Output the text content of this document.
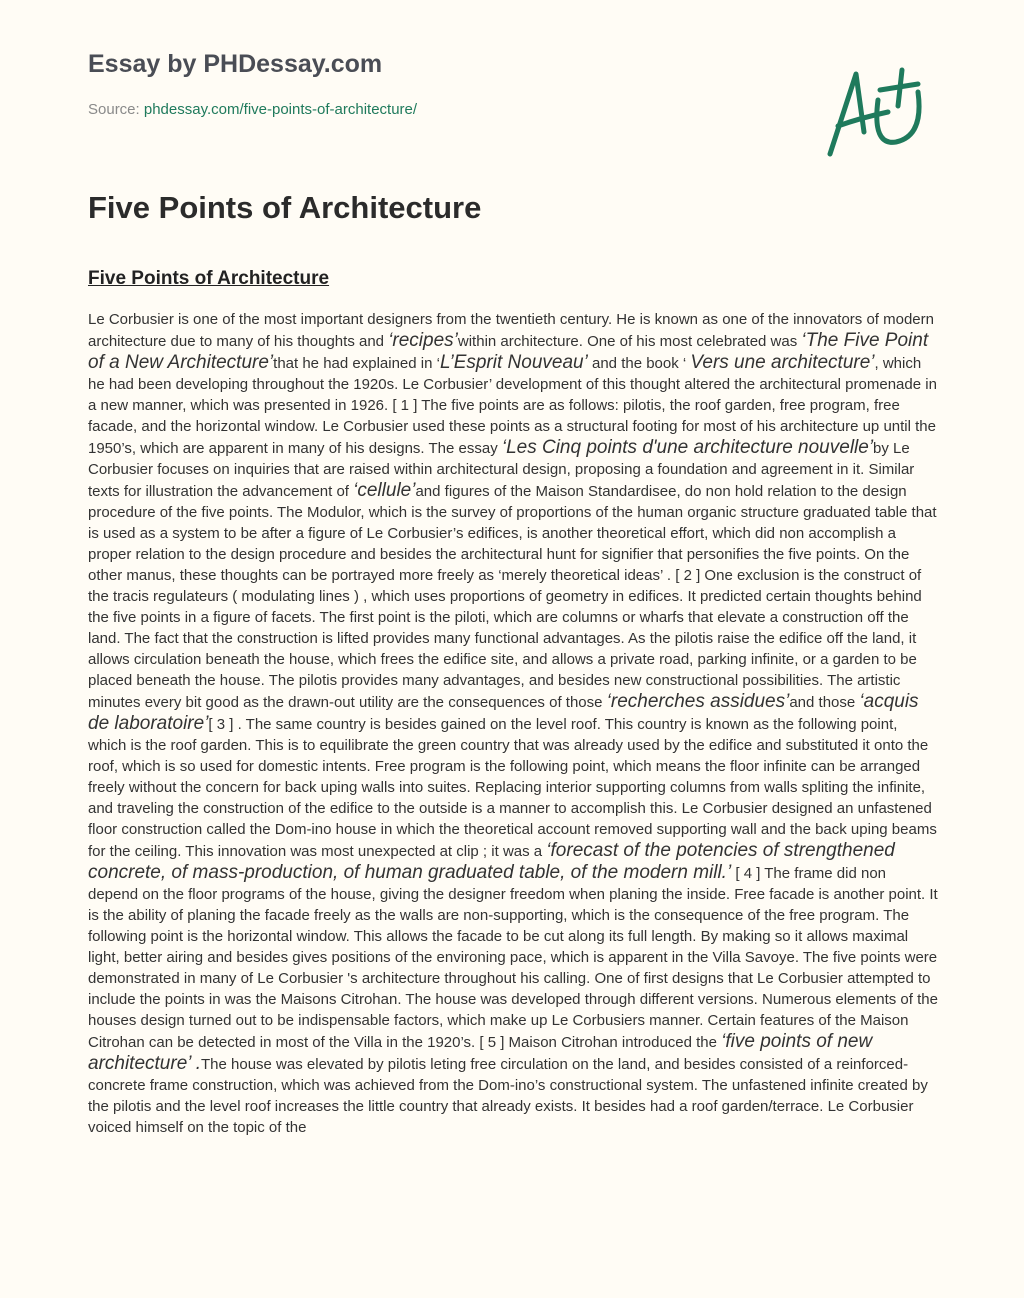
Essay by PHDessay.com
Source: phdessay.com/five-points-of-architecture/
Five Points of Architecture
Five Points of Architecture
Le Corbusier is one of the most important designers from the twentieth century. He is known as one of the innovators of modern architecture due to many of his thoughts and ‘recipes’within architecture. One of his most celebrated was ‘The Five Point of a New Architecture’that he had explained in ‘L’Esprit Nouveau’ and the book ‘ Vers une architecture’, which he had been developing throughout the 1920s. Le Corbusier’ development of this thought altered the architectural promenade in a new manner, which was presented in 1926. [ 1 ] The five points are as follows: pilotis, the roof garden, free program, free facade, and the horizontal window. Le Corbusier used these points as a structural footing for most of his architecture up until the 1950’s, which are apparent in many of his designs. The essay ‘Les Cinq points d'une architecture nouvelle’by Le Corbusier focuses on inquiries that are raised within architectural design, proposing a foundation and agreement in it. Similar texts for illustration the advancement of ‘cellule’and figures of the Maison Standardisee, do non hold relation to the design procedure of the five points. The Modulor, which is the survey of proportions of the human organic structure graduated table that is used as a system to be after a figure of Le Corbusier’s edifices, is another theoretical effort, which did non accomplish a proper relation to the design procedure and besides the architectural hunt for signifier that personifies the five points. On the other manus, these thoughts can be portrayed more freely as ‘merely theoretical ideas’ . [ 2 ] One exclusion is the construct of the tracis regulateurs ( modulating lines ) , which uses proportions of geometry in edifices. It predicted certain thoughts behind the five points in a figure of facets. The first point is the piloti, which are columns or wharfs that elevate a construction off the land. The fact that the construction is lifted provides many functional advantages. As the pilotis raise the edifice off the land, it allows circulation beneath the house, which frees the edifice site, and allows a private road, parking infinite, or a garden to be placed beneath the house. The pilotis provides many advantages, and besides new constructional possibilities. The artistic minutes every bit good as the drawn-out utility are the consequences of those ‘recherches assidues’and those ‘acquis de laboratoire’[ 3 ] . The same country is besides gained on the level roof. This country is known as the following point, which is the roof garden. This is to equilibrate the green country that was already used by the edifice and substituted it onto the roof, which is so used for domestic intents. Free program is the following point, which means the floor infinite can be arranged freely without the concern for back uping walls into suites. Replacing interior supporting columns from walls spliting the infinite, and traveling the construction of the edifice to the outside is a manner to accomplish this. Le Corbusier designed an unfastened floor construction called the Dom-ino house in which the theoretical account removed supporting wall and the back uping beams for the ceiling. This innovation was most unexpected at clip ; it was a ‘forecast of the potencies of strengthened concrete, of mass-production, of human graduated table, of the modern mill.’ [ 4 ] The frame did non depend on the floor programs of the house, giving the designer freedom when planing the inside. Free facade is another point. It is the ability of planing the facade freely as the walls are non-supporting, which is the consequence of the free program. The following point is the horizontal window. This allows the facade to be cut along its full length. By making so it allows maximal light, better airing and besides gives positions of the environing pace, which is apparent in the Villa Savoye. The five points were demonstrated in many of Le Corbusier 's architecture throughout his calling. One of first designs that Le Corbusier attempted to include the points in was the Maisons Citrohan. The house was developed through different versions. Numerous elements of the houses design turned out to be indispensable factors, which make up Le Corbusiers manner. Certain features of the Maison Citrohan can be detected in most of the Villa in the 1920’s. [ 5 ] Maison Citrohan introduced the ‘five points of new architecture’ .The house was elevated by pilotis leting free circulation on the land, and besides consisted of a reinforced-concrete frame construction, which was achieved from the Dom-ino’s constructional system. The unfastened infinite created by the pilotis and the level roof increases the little country that already exists. It besides had a roof garden/terrace. Le Corbusier voiced himself on the topic of the
